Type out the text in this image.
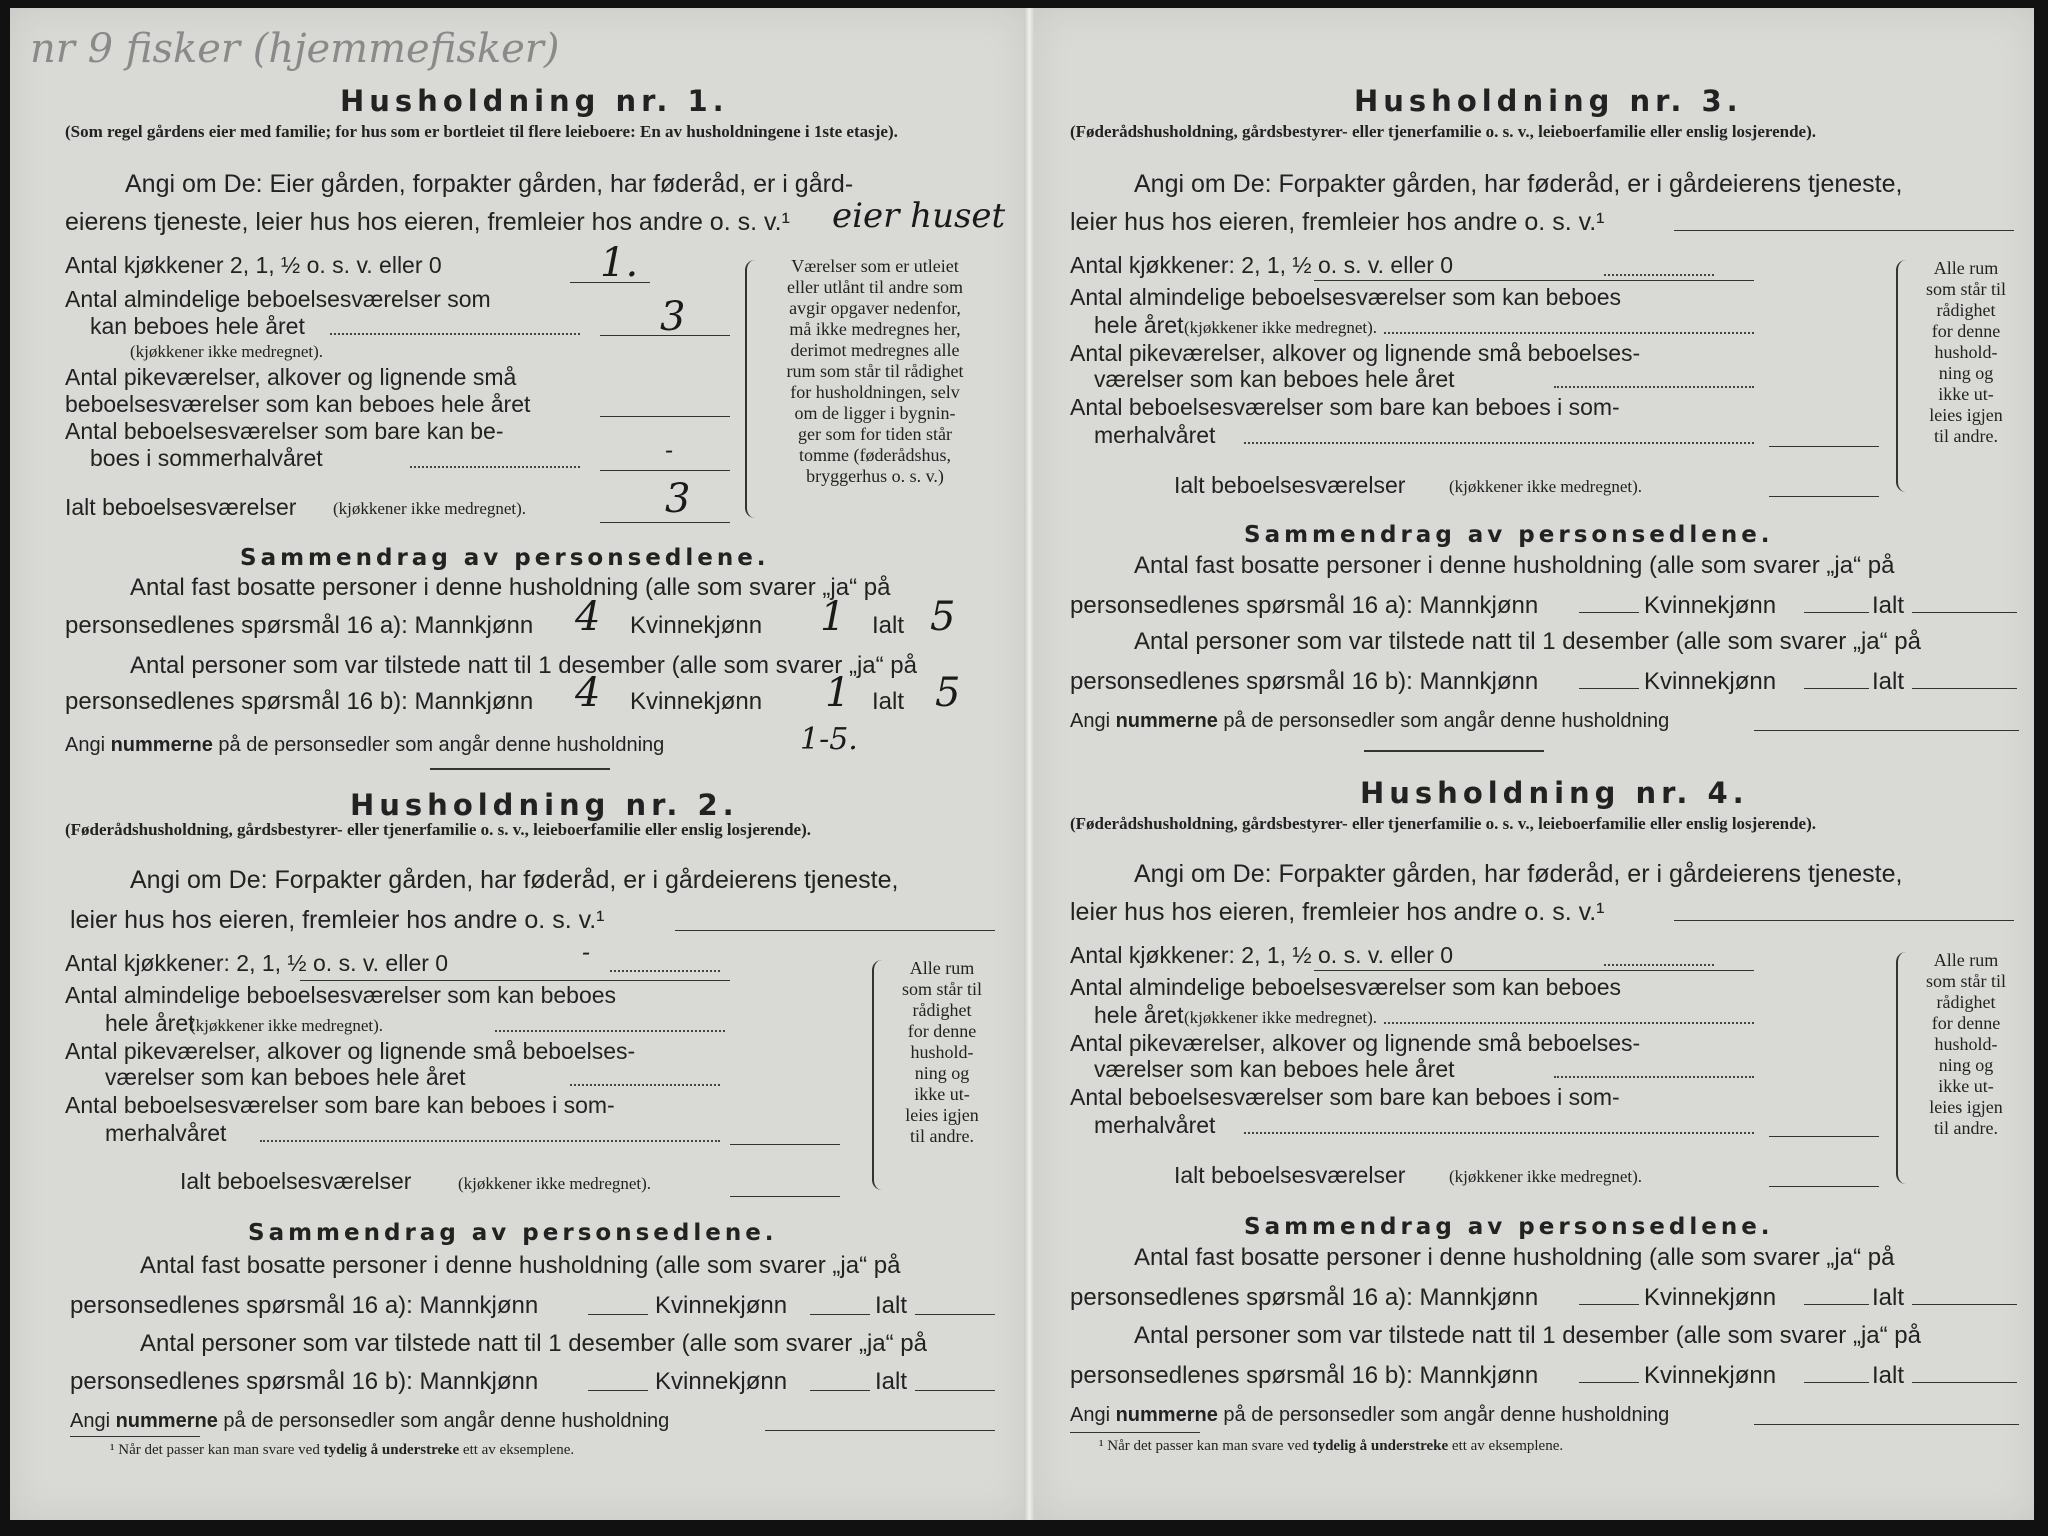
nr 9 fisker (hjemmefisker)
Husholdning nr. 1.
(Som regel gårdens eier med familie; for hus som er bortleiet til flere leieboere: En av husholdningene i 1ste etasje).
Angi om De: Eier gården, forpakter gården, har føderåd, er i gård-
eierens tjeneste, leier hus hos eieren, fremleier hos andre o. s. v.¹ eier huset
Antal kjøkkener 2, 1, ½ o. s. v. eller 0	1.
Antal almindelige beboelsesværelser som
kan beboes hele året
(kjøkkener ikke medregnet).
3
Antal pikeværelser, alkover og lignende små
beboelsesværelser som kan beboes hele året
Antal beboelsesværelser som bare kan be-
boes i sommerhalvåret	-
Ialt beboelsesværelser (kjøkkener ikke medregnet).	3
Værelser som er utleiet
eller utlånt til andre som
avgir opgaver nedenfor,
må ikke medregnes her,
derimot medregnes alle
rum som står til rådighet
for husholdningen, selv
om de ligger i bygnin-
ger som for tiden står
tomme (føderådshus,
bryggerhus o. s. v.)
Sammendrag av personsedlene.
Antal fast bosatte personer i denne husholdning (alle som svarer „ja“ på
personsedlenes spørsmål 16 a): Mannkjønn 4 Kvinnekjønn 1 Ialt 5
Antal personer som var tilstede natt til 1 desember (alle som svarer „ja“ på
personsedlenes spørsmål 16 b): Mannkjønn 4 Kvinnekjønn 1 Ialt 5
Angi nummerne på de personsedler som angår denne husholdning	1-5.
Husholdning nr. 2.
(Føderådshusholdning, gårdsbestyrer- eller tjenerfamilie o. s. v., leieboerfamilie eller enslig losjerende).
Angi om De: Forpakter gården, har føderåd, er i gårdeierens tjeneste,
leier hus hos eieren, fremleier hos andre o. s. v.¹
Antal kjøkkener: 2, 1, ½ o. s. v. eller 0	-
Antal almindelige beboelsesværelser som kan beboes
hele året
(kjøkkener ikke medregnet).
Antal pikeværelser, alkover og lignende små beboelses-
værelser som kan beboes hele året
Antal beboelsesværelser som bare kan beboes i som-
merhalvåret
Ialt beboelsesværelser	(kjøkkener ikke medregnet).
Alle rum
som står til
rådighet
for denne
hushold-
ning og
ikke ut-
leies igjen
til andre.
Sammendrag av personsedlene.
Antal fast bosatte personer i denne husholdning (alle som svarer „ja“ på
personsedlenes spørsmål 16 a): Mannkjønn	Kvinnekjønn	Ialt
Antal personer som var tilstede natt til 1 desember (alle som svarer „ja“ på
personsedlenes spørsmål 16 b): Mannkjønn	Kvinnekjønn	Ialt
Angi nummerne på de personsedler som angår denne husholdning
¹ Når det passer kan man svare ved tydelig å understreke ett av eksemplene.
Husholdning nr. 3.
(Føderådshusholdning, gårdsbestyrer- eller tjenerfamilie o. s. v., leieboerfamilie eller enslig losjerende).
Angi om De: Forpakter gården, har føderåd, er i gårdeierens tjeneste,
leier hus hos eieren, fremleier hos andre o. s. v.¹
Antal kjøkkener: 2, 1, ½ o. s. v. eller 0
Antal almindelige beboelsesværelser som kan beboes
hele året (kjøkkener ikke medregnet).
Antal pikeværelser, alkover og lignende små beboelses-
værelser som kan beboes hele året
Antal beboelsesværelser som bare kan beboes i som-
merhalvåret
Ialt beboelsesværelser	(kjøkkener ikke medregnet).
Alle rum
som står til
rådighet
for denne
hushold-
ning og
ikke ut-
leies igjen
til andre.
Sammendrag av personsedlene.
Antal fast bosatte personer i denne husholdning (alle som svarer „ja“ på
personsedlenes spørsmål 16 a): Mannkjønn	Kvinnekjønn	Ialt
Antal personer som var tilstede natt til 1 desember (alle som svarer „ja“ på
personsedlenes spørsmål 16 b): Mannkjønn	Kvinnekjønn	Ialt
Angi nummerne på de personsedler som angår denne husholdning
Husholdning nr. 4.
(Føderådshusholdning, gårdsbestyrer- eller tjenerfamilie o. s. v., leieboerfamilie eller enslig losjerende).
Angi om De: Forpakter gården, har føderåd, er i gårdeierens tjeneste,
leier hus hos eieren, fremleier hos andre o. s. v.¹
Antal kjøkkener: 2, 1, ½ o. s. v. eller 0
Antal almindelige beboelsesværelser som kan beboes
hele året (kjøkkener ikke medregnet).
Antal pikeværelser, alkover og lignende små beboelses-
værelser som kan beboes hele året
Antal beboelsesværelser som bare kan beboes i som-
merhalvåret
Ialt beboelsesværelser	(kjøkkener ikke medregnet).
Alle rum
som står til
rådighet
for denne
hushold-
ning og
ikke ut-
leies igjen
til andre.
Sammendrag av personsedlene.
Antal fast bosatte personer i denne husholdning (alle som svarer „ja“ på
personsedlenes spørsmål 16 a): Mannkjønn	Kvinnekjønn	Ialt
Antal personer som var tilstede natt til 1 desember (alle som svarer „ja“ på
personsedlenes spørsmål 16 b): Mannkjønn	Kvinnekjønn	Ialt
Angi nummerne på de personsedler som angår denne husholdning
¹ Når det passer kan man svare ved tydelig å understreke ett av eksemplene.
